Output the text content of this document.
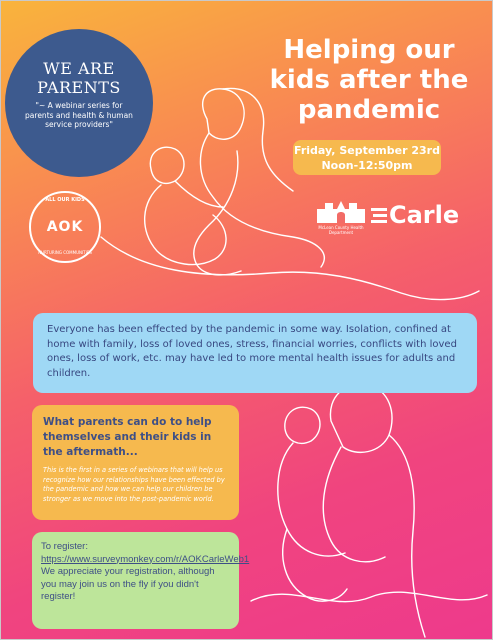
WE ARE
PARENTS
"~ A webinar series for parents and health & human service providers"
Helping our
kids after the
pandemic
Friday, September 23rd
Noon-12:50pm
ALL OUR KIDS
AOK
NURTURING COMMUNITIES
McLean County Health Department
Carle
Everyone has been effected by the pandemic in some way. Isolation, confined at home with family, loss of loved ones, stress, financial worries, conflicts with loved ones, loss of work, etc. may have led to more mental health issues for adults and children.
What parents can do to help themselves and their kids in the aftermath...
This is the first in a series of webinars that will help us recognize how our relationships have been effected by the pandemic and how we can help our children be stronger as we move into the post-pandemic world.
To register:
https://www.surveymonkey.com/r/AOKCarleWeb1
We appreciate your registration, although you may join us on the fly if you didn't register!
